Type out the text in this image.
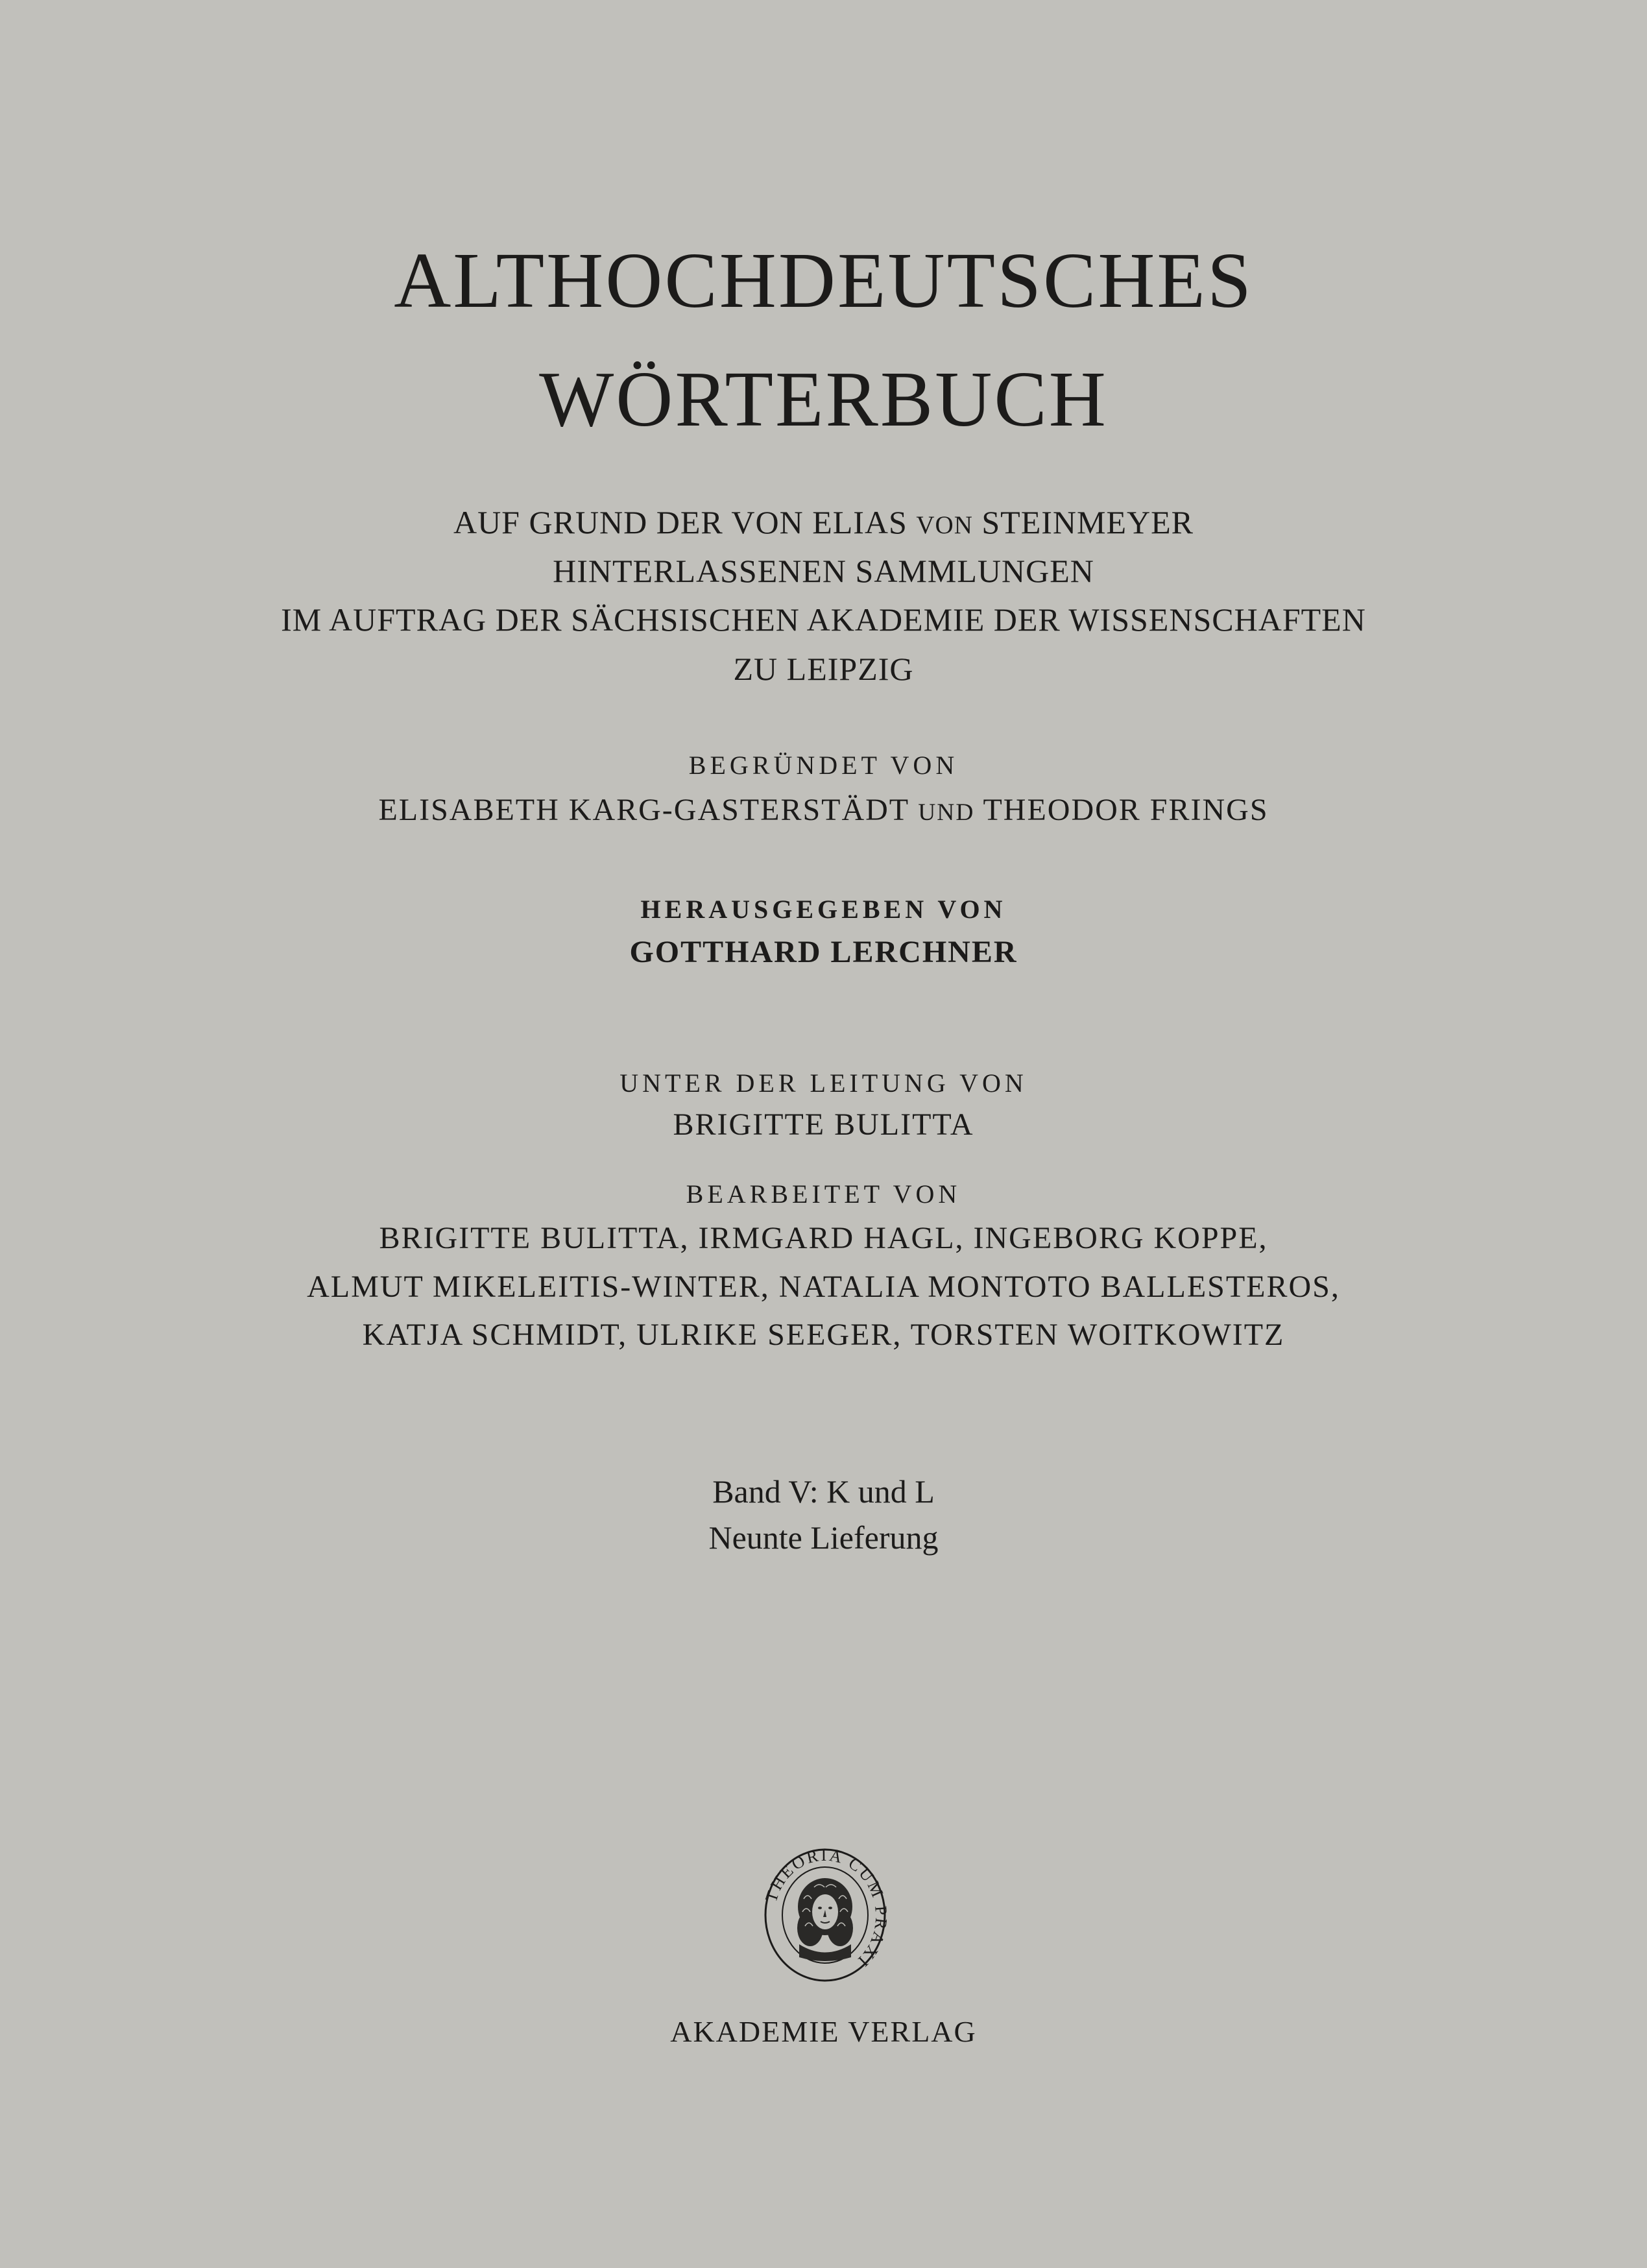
ALTHOCHDEUTSCHES
WÖRTERBUCH
AUF GRUND DER VON ELIAS VON STEINMEYER
HINTERLASSENEN SAMMLUNGEN
IM AUFTRAG DER SÄCHSISCHEN AKADEMIE DER WISSENSCHAFTEN
ZU LEIPZIG
BEGRÜNDET VON
ELISABETH KARG-GASTERSTÄDT UND THEODOR FRINGS
HERAUSGEGEBEN VON
GOTTHARD LERCHNER
UNTER DER LEITUNG VON
BRIGITTE BULITTA
BEARBEITET VON
BRIGITTE BULITTA, IRMGARD HAGL, INGEBORG KOPPE,
ALMUT MIKELEITIS-WINTER, NATALIA MONTOTO BALLESTEROS,
KATJA SCHMIDT, ULRIKE SEEGER, TORSTEN WOITKOWITZ
Band V: K und L
Neunte Lieferung
THEORIA CUM AXI
AKADEMIE VERLAG
